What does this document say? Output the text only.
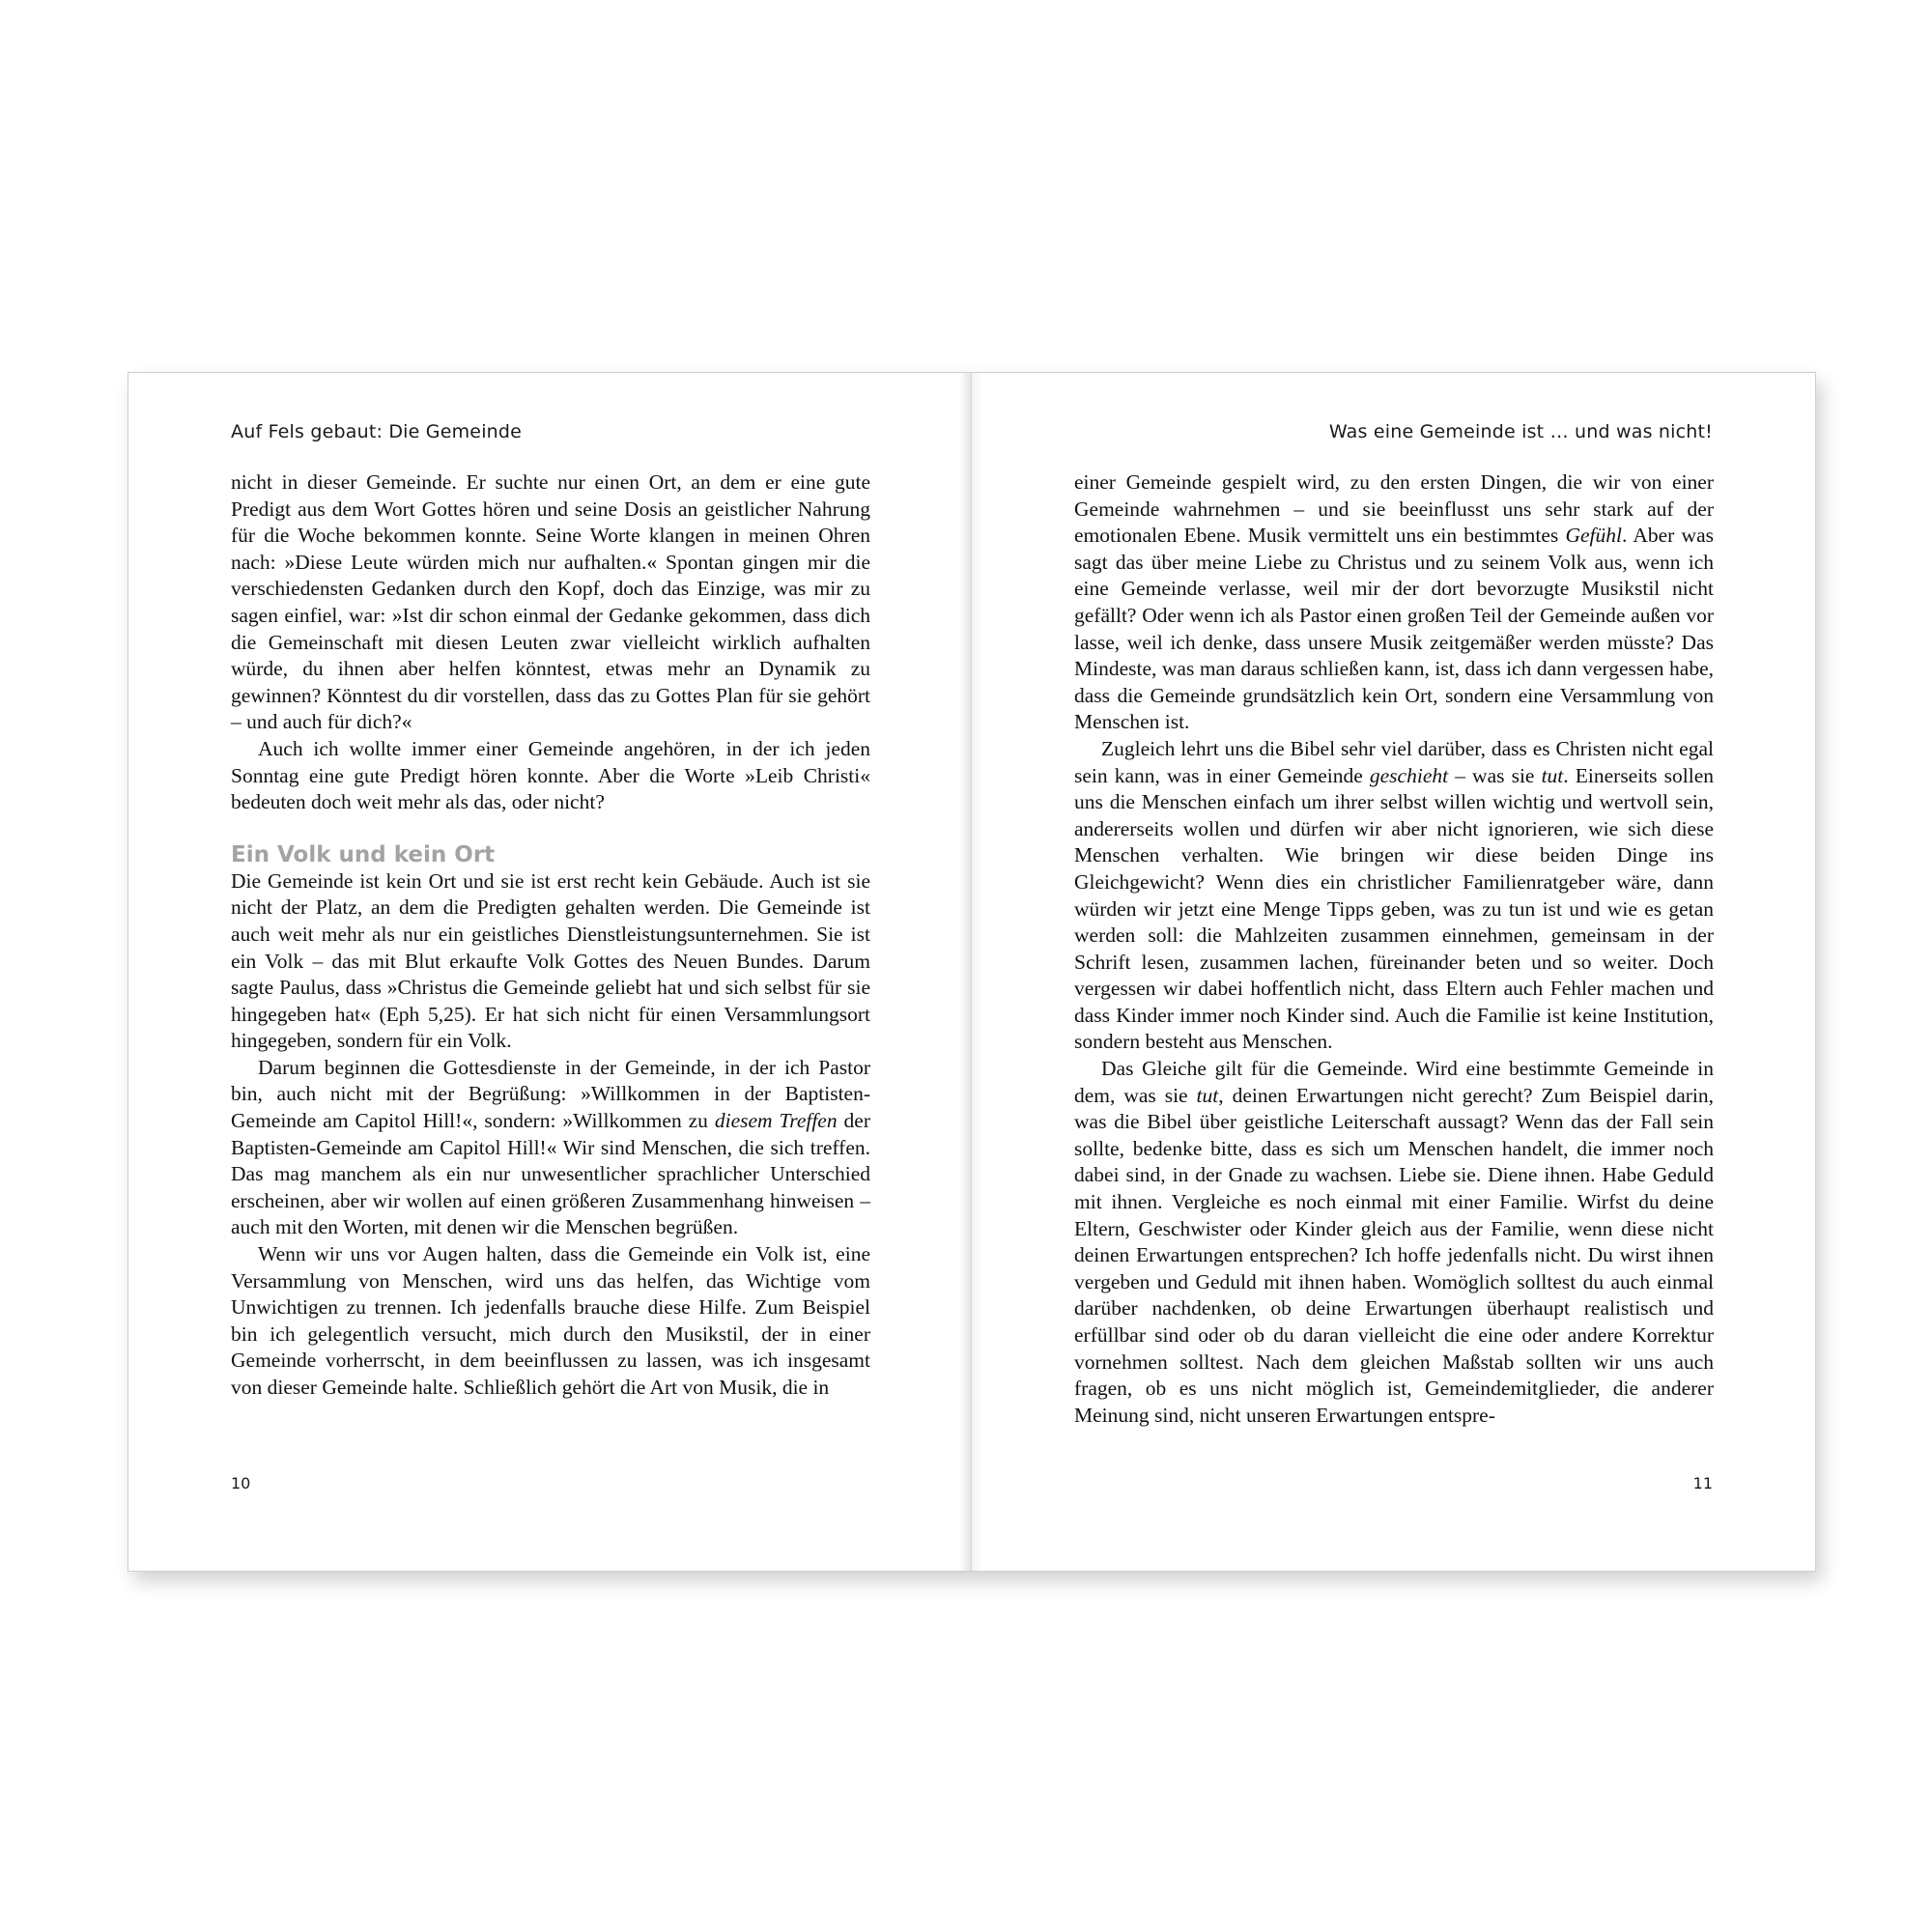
Auf Fels gebaut: Die Gemeinde

nicht in dieser Gemeinde. Er suchte nur einen Ort, an dem er eine gute Predigt aus dem Wort Gottes hören und seine Dosis an geistlicher Nahrung für die Woche bekommen konnte. Seine Worte klangen in meinen Ohren nach: »Diese Leute würden mich nur aufhalten.« Spontan gingen mir die verschiedensten Gedanken durch den Kopf, doch das Einzige, was mir zu sagen einfiel, war: »Ist dir schon einmal der Gedanke gekommen, dass dich die Gemeinschaft mit diesen Leuten zwar vielleicht wirklich aufhalten würde, du ihnen aber helfen könntest, etwas mehr an Dynamik zu gewinnen? Könntest du dir vorstellen, dass das zu Gottes Plan für sie gehört – und auch für dich?«

Auch ich wollte immer einer Gemeinde angehören, in der ich jeden Sonntag eine gute Predigt hören konnte. Aber die Worte »Leib Christi« bedeuten doch weit mehr als das, oder nicht?

Ein Volk und kein Ort

Die Gemeinde ist kein Ort und sie ist erst recht kein Gebäude. Auch ist sie nicht der Platz, an dem die Predigten gehalten werden. Die Gemeinde ist auch weit mehr als nur ein geistliches Dienstleistungsunternehmen. Sie ist ein Volk – das mit Blut erkaufte Volk Gottes des Neuen Bundes. Darum sagte Paulus, dass »Christus die Gemeinde geliebt hat und sich selbst für sie hingegeben hat« (Eph 5,25). Er hat sich nicht für einen Versammlungsort hingegeben, sondern für ein Volk.

Darum beginnen die Gottesdienste in der Gemeinde, in der ich Pastor bin, auch nicht mit der Begrüßung: »Willkommen in der Baptisten-Gemeinde am Capitol Hill!«, sondern: »Willkommen zu diesem Treffen der Baptisten-Gemeinde am Capitol Hill!« Wir sind Menschen, die sich treffen. Das mag manchem als ein nur unwesentlicher sprachlicher Unterschied erscheinen, aber wir wollen auf einen größeren Zusammenhang hinweisen – auch mit den Worten, mit denen wir die Menschen begrüßen.

Wenn wir uns vor Augen halten, dass die Gemeinde ein Volk ist, eine Versammlung von Menschen, wird uns das helfen, das Wichtige vom Unwichtigen zu trennen. Ich jedenfalls brauche diese Hilfe. Zum Beispiel bin ich gelegentlich versucht, mich durch den Musikstil, der in einer Gemeinde vorherrscht, in dem beeinflussen zu lassen, was ich insgesamt von dieser Gemeinde halte. Schließlich gehört die Art von Musik, die in

10
Was eine Gemeinde ist … und was nicht!

einer Gemeinde gespielt wird, zu den ersten Dingen, die wir von einer Gemeinde wahrnehmen – und sie beeinflusst uns sehr stark auf der emotionalen Ebene. Musik vermittelt uns ein bestimmtes Gefühl. Aber was sagt das über meine Liebe zu Christus und zu seinem Volk aus, wenn ich eine Gemeinde verlasse, weil mir der dort bevorzugte Musikstil nicht gefällt? Oder wenn ich als Pastor einen großen Teil der Gemeinde außen vor lasse, weil ich denke, dass unsere Musik zeitgemäßer werden müsste? Das Mindeste, was man daraus schließen kann, ist, dass ich dann vergessen habe, dass die Gemeinde grundsätzlich kein Ort, sondern eine Versammlung von Menschen ist.

Zugleich lehrt uns die Bibel sehr viel darüber, dass es Christen nicht egal sein kann, was in einer Gemeinde geschieht – was sie tut. Einerseits sollen uns die Menschen einfach um ihrer selbst willen wichtig und wertvoll sein, andererseits wollen und dürfen wir aber nicht ignorieren, wie sich diese Menschen verhalten. Wie bringen wir diese beiden Dinge ins Gleichgewicht? Wenn dies ein christlicher Familienratgeber wäre, dann würden wir jetzt eine Menge Tipps geben, was zu tun ist und wie es getan werden soll: die Mahlzeiten zusammen einnehmen, gemeinsam in der Schrift lesen, zusammen lachen, füreinander beten und so weiter. Doch vergessen wir dabei hoffentlich nicht, dass Eltern auch Fehler machen und dass Kinder immer noch Kinder sind. Auch die Familie ist keine Institution, sondern besteht aus Menschen.

Das Gleiche gilt für die Gemeinde. Wird eine bestimmte Gemeinde in dem, was sie tut, deinen Erwartungen nicht gerecht? Zum Beispiel darin, was die Bibel über geistliche Leiterschaft aussagt? Wenn das der Fall sein sollte, bedenke bitte, dass es sich um Menschen handelt, die immer noch dabei sind, in der Gnade zu wachsen. Liebe sie. Diene ihnen. Habe Geduld mit ihnen. Vergleiche es noch einmal mit einer Familie. Wirfst du deine Eltern, Geschwister oder Kinder gleich aus der Familie, wenn diese nicht deinen Erwartungen entsprechen? Ich hoffe jedenfalls nicht. Du wirst ihnen vergeben und Geduld mit ihnen haben. Womöglich solltest du auch einmal darüber nachdenken, ob deine Erwartungen überhaupt realistisch und erfüllbar sind oder ob du daran vielleicht die eine oder andere Korrektur vornehmen solltest. Nach dem gleichen Maßstab sollten wir uns auch fragen, ob es uns nicht möglich ist, Gemeindemitglieder, die anderer Meinung sind, nicht unseren Erwartungen entspre-

11
